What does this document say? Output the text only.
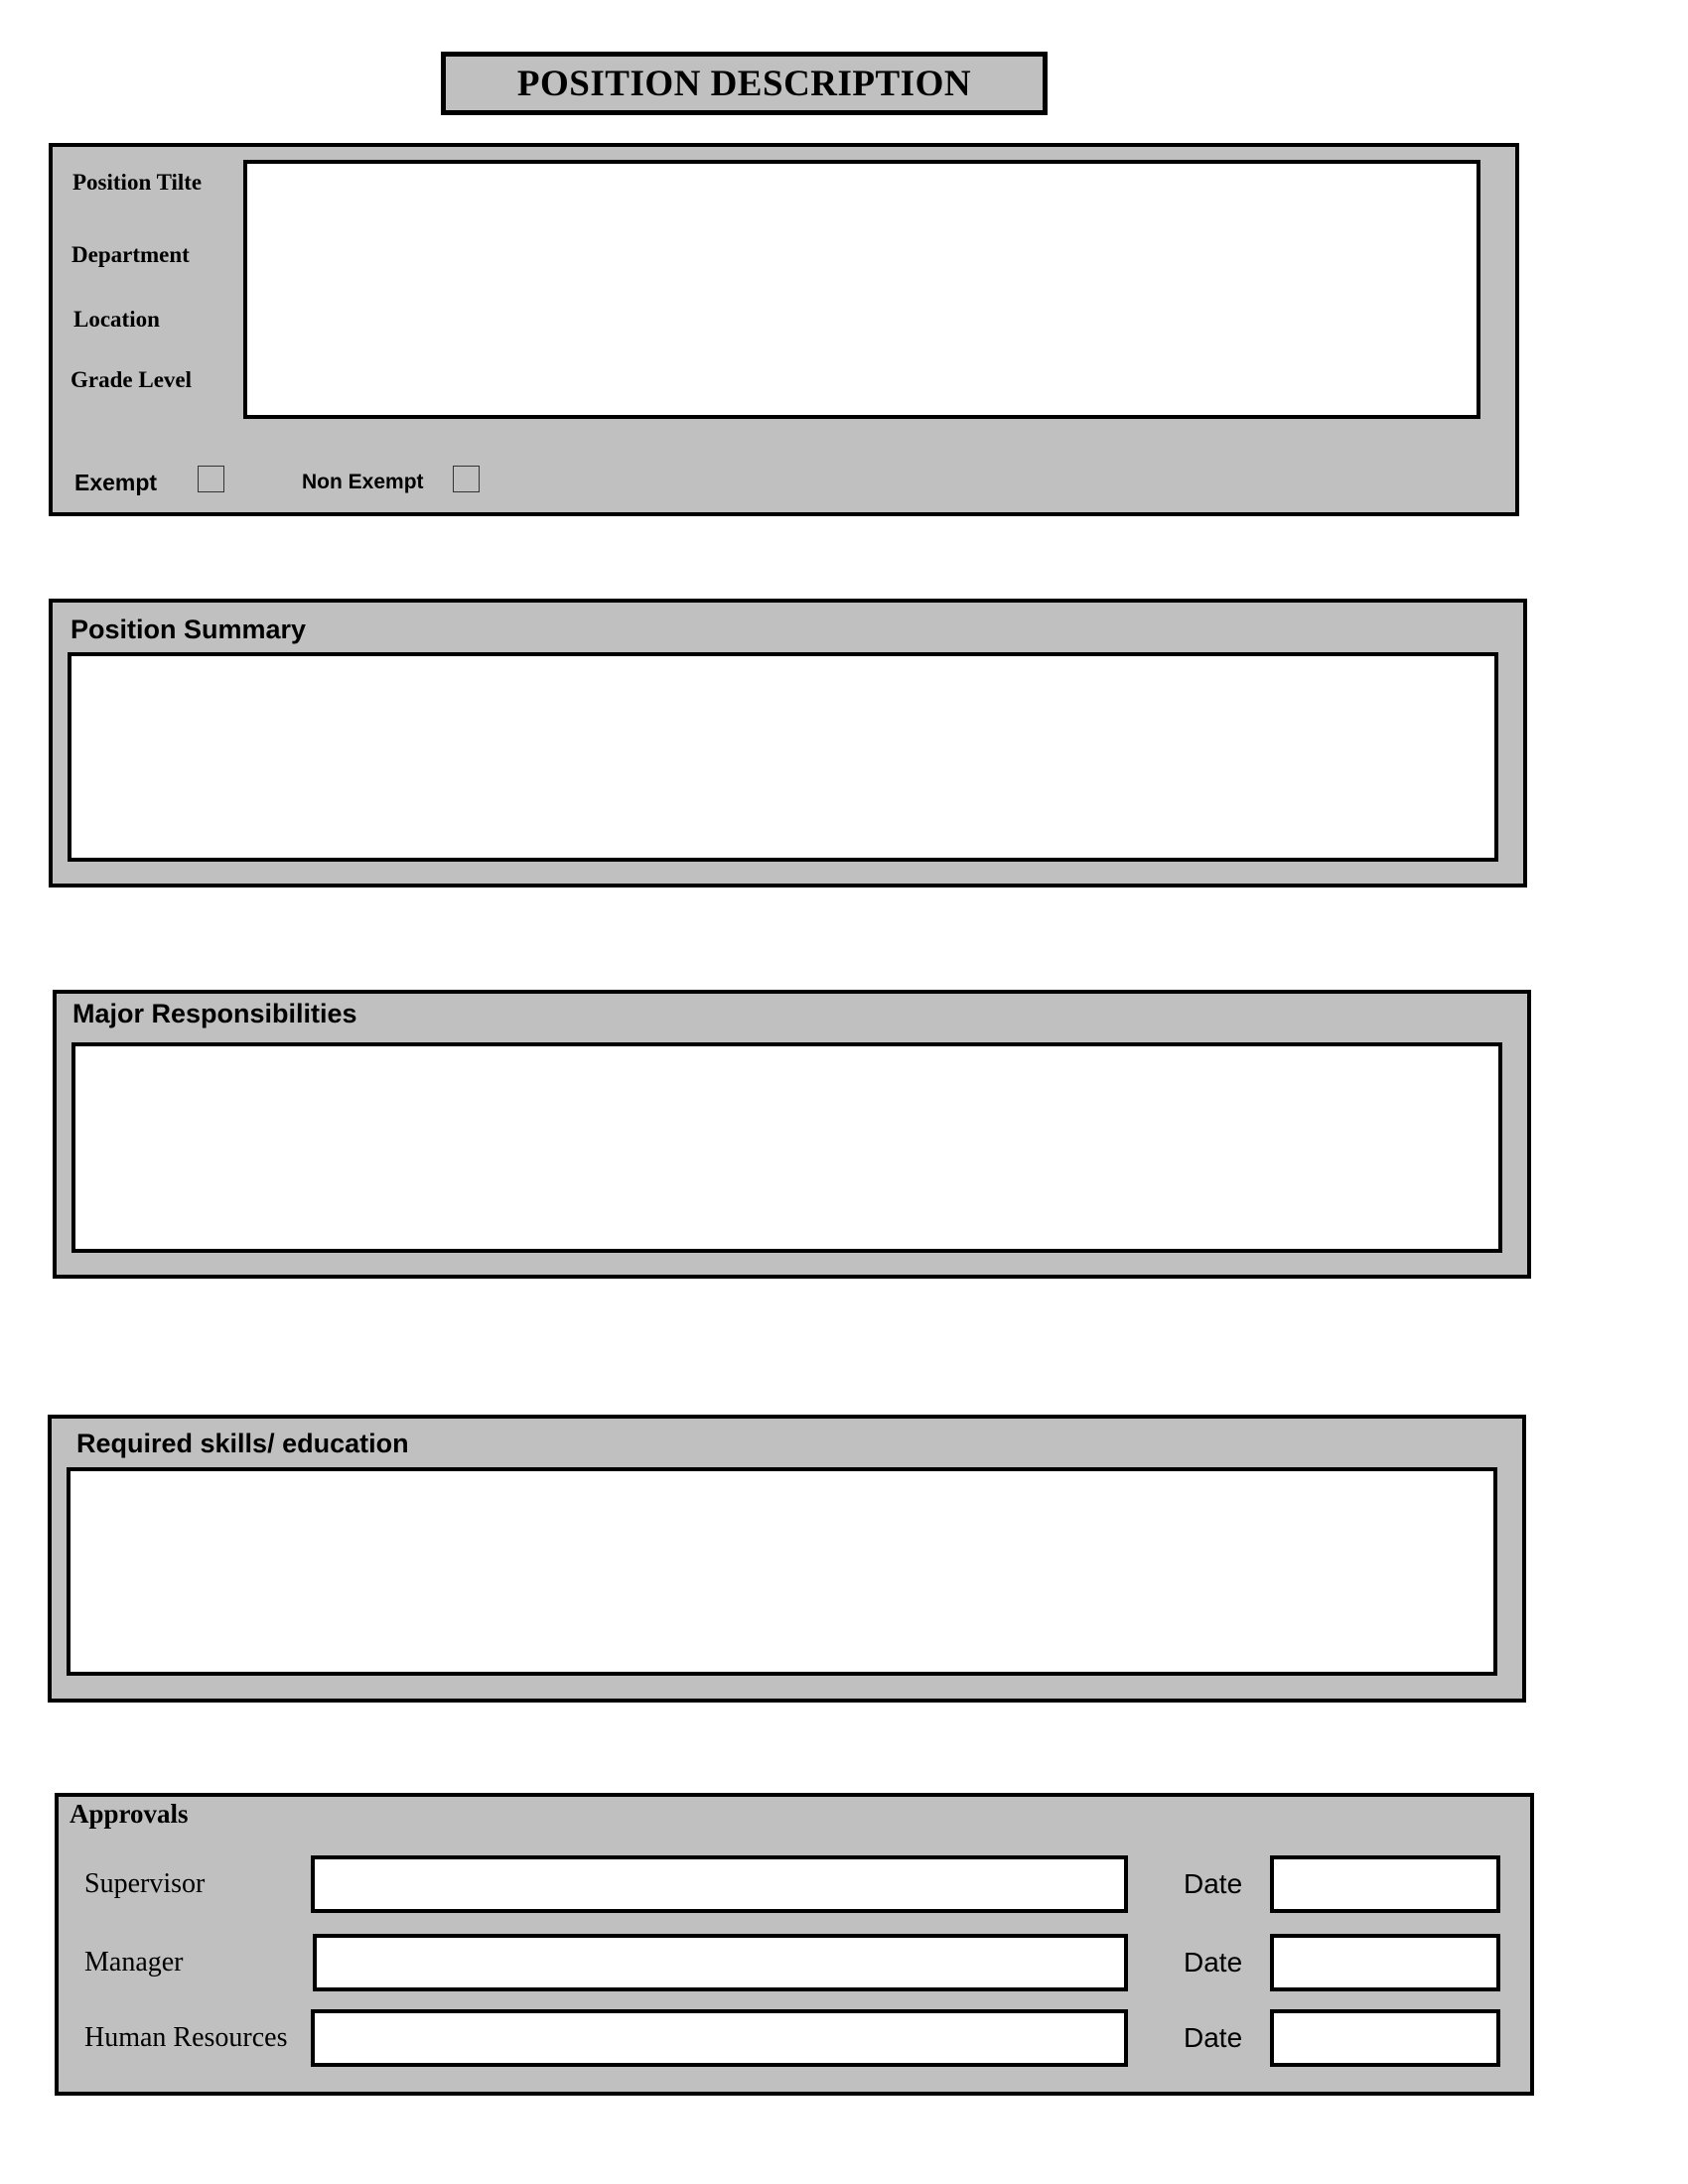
POSITION DESCRIPTION
Position Tilte
Department
Location
Grade Level
Exempt	Non Exempt
Position Summary
Major Responsibilities
Required skills/ education
Approvals
Supervisor	Date
Manager	Date
Human Resources	Date
